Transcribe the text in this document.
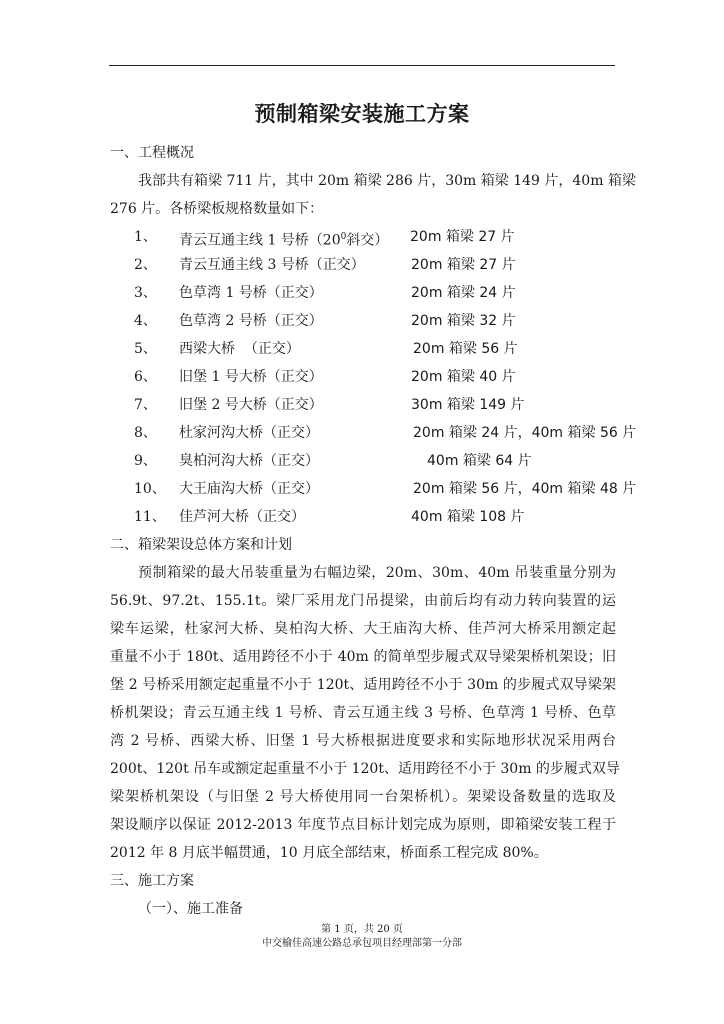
预制箱梁安装施工方案
一、工程概况
我部共有箱梁 711 片，其中 20m 箱梁 286 片，30m 箱梁 149 片，40m 箱梁
276 片。各桥梁板规格数量如下：
1、 青云互通主线 1 号桥（$20^0$斜交） 20m 箱梁 27 片
2、 青云互通主线 3 号桥（正交）	20m 箱梁 27 片
3、 色草湾 1 号桥（正交）	20m 箱梁 24 片
4、 色草湾 2 号桥（正交）	20m 箱梁 32 片
5、 西梁大桥  （正交）	20m 箱梁 56 片
6、 旧堡 1 号大桥（正交）	20m 箱梁 40 片
7、 旧堡 2 号大桥（正交）	30m 箱梁 149 片
8、 杜家河沟大桥（正交）	20m 箱梁 24 片，40m 箱梁 56 片
9、 臭柏河沟大桥（正交）	40m 箱梁 64 片
10、 大王庙沟大桥（正交）	20m 箱梁 56 片，40m 箱梁 48 片
11、 佳芦河大桥（正交）	40m 箱梁 108 片
二、箱梁架设总体方案和计划
预制箱梁的最大吊装重量为右幅边梁，20m、30m、40m 吊装重量分别为
56.9t、97.2t、155.1t。梁厂采用龙门吊提梁，由前后均有动力转向装置的运
梁车运梁，杜家河大桥、臭柏沟大桥、大王庙沟大桥、佳芦河大桥采用额定起
重量不小于 180t、适用跨径不小于 40m 的简单型步履式双导梁架桥机架设；旧
堡 2 号桥采用额定起重量不小于 120t、适用跨径不小于 30m 的步履式双导梁架
桥机架设；青云互通主线 1 号桥、青云互通主线 3 号桥、色草湾 1 号桥、色草
湾 2 号桥、西梁大桥、旧堡 1 号大桥根据进度要求和实际地形状况采用两台
200t、120t 吊车或额定起重量不小于 120t、适用跨径不小于 30m 的步履式双导
梁架桥机架设（与旧堡 2 号大桥使用同一台架桥机）。架梁设备数量的选取及
架设顺序以保证 2012-2013 年度节点目标计划完成为原则，即箱梁安装工程于
2012 年 8 月底半幅贯通，10 月底全部结束，桥面系工程完成 80%。
三、施工方案
（一）、施工准备
第 1 页，共 20 页
中交榆佳高速公路总承包项目经理部第一分部
